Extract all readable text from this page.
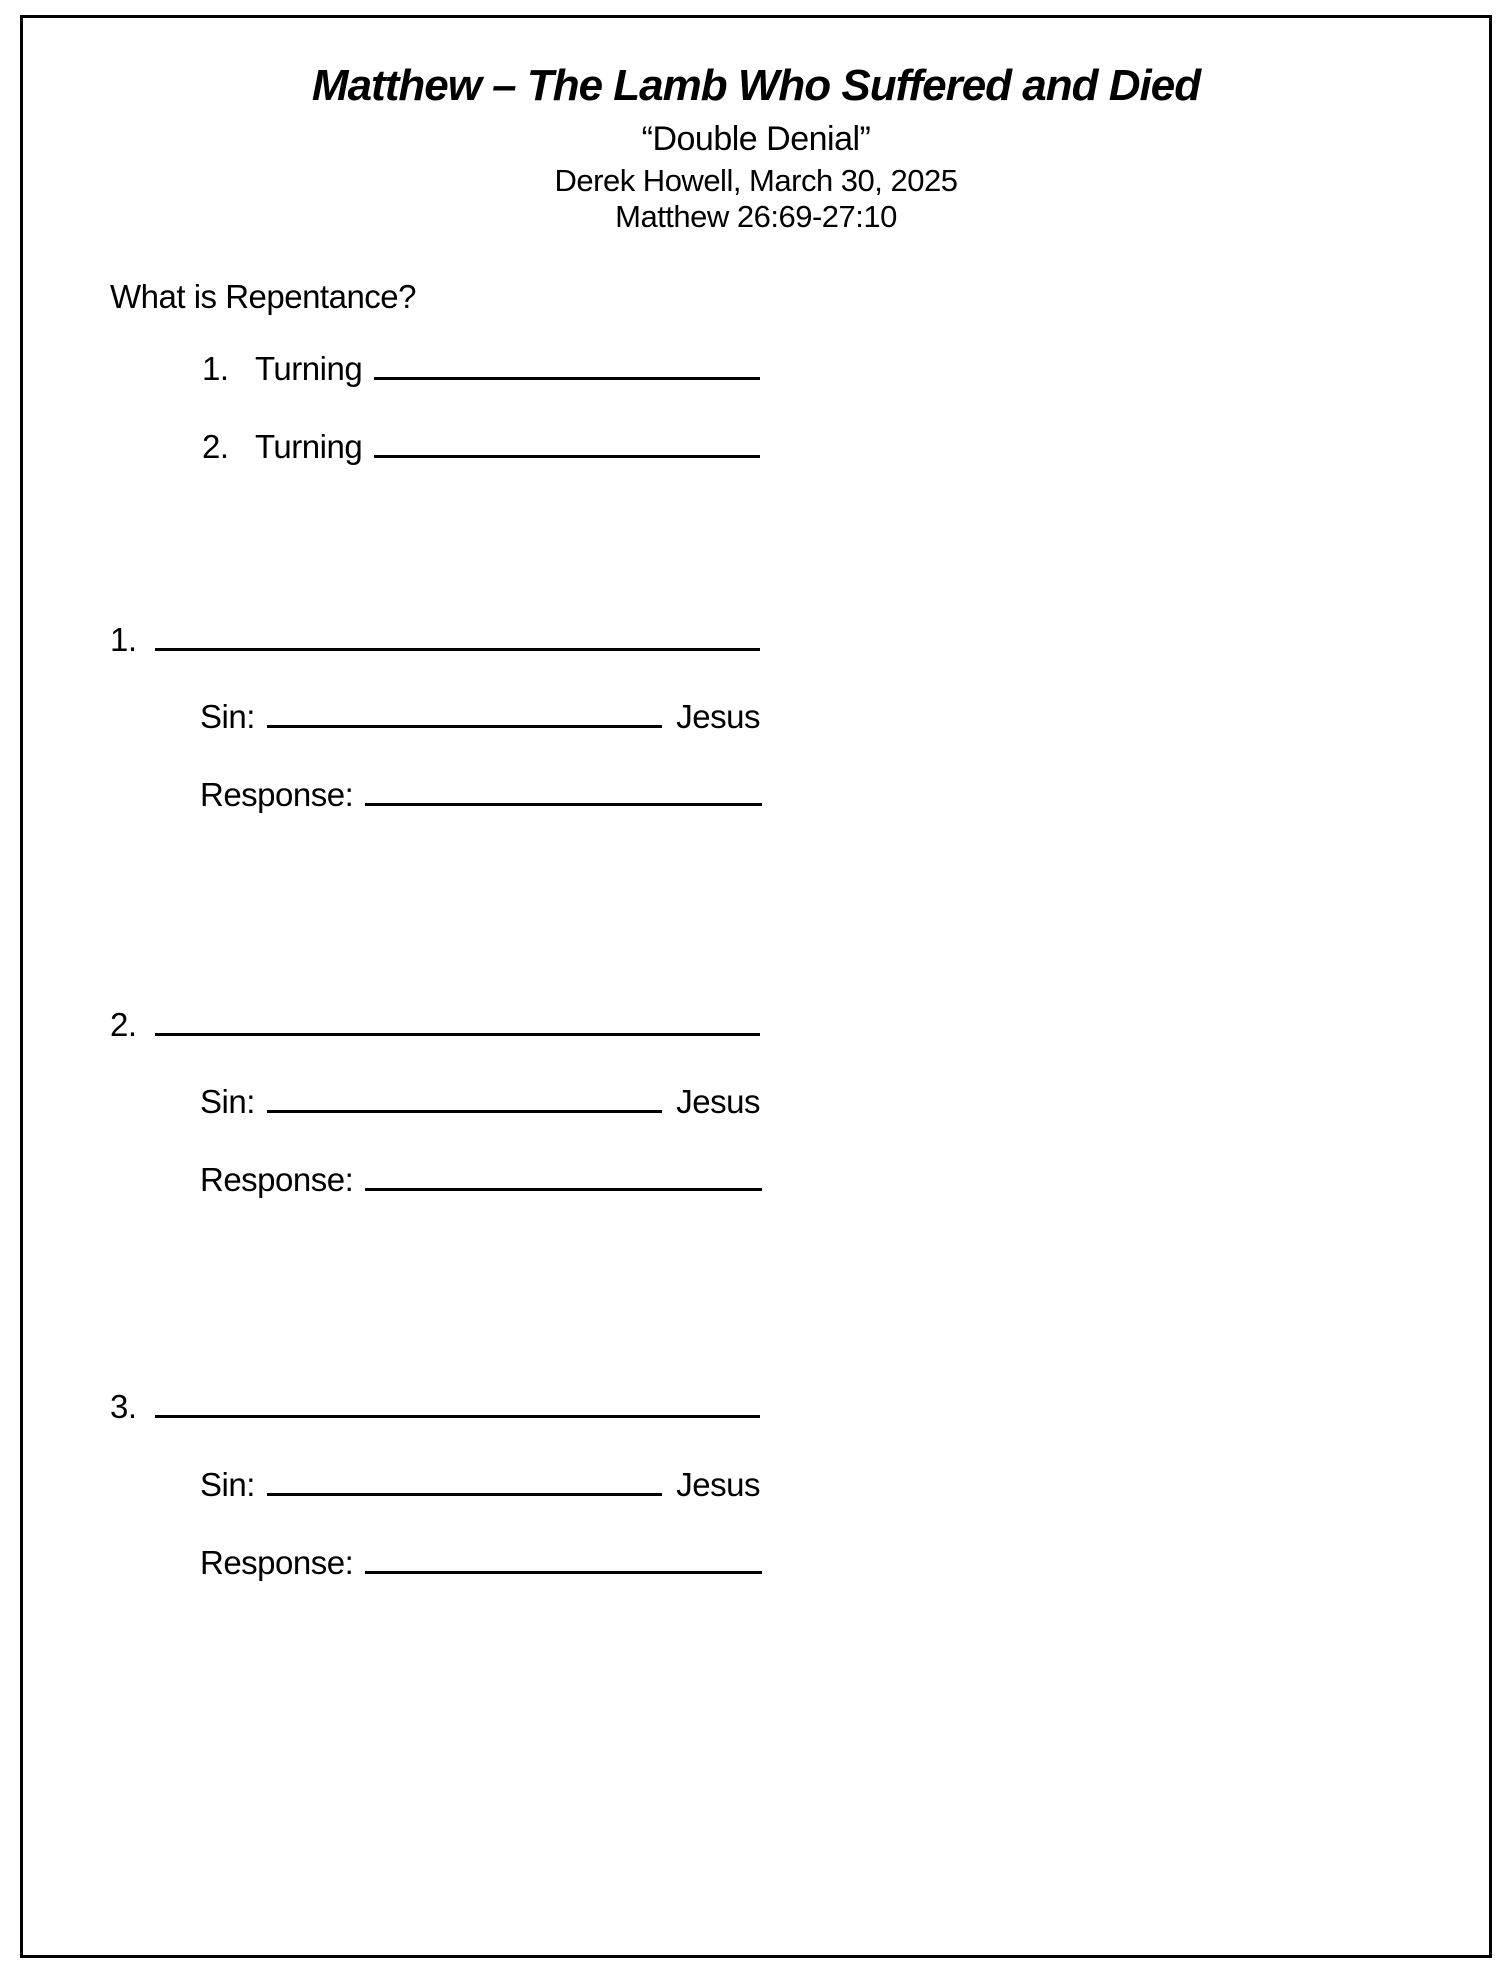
Matthew – The Lamb Who Suffered and Died
“Double Denial”
Derek Howell, March 30, 2025
Matthew 26:69-27:10
What is Repentance?
1. Turning
2. Turning
1.
Sin:	Jesus
Response:
2.
Sin:	Jesus
Response:
3.
Sin:	Jesus
Response:
